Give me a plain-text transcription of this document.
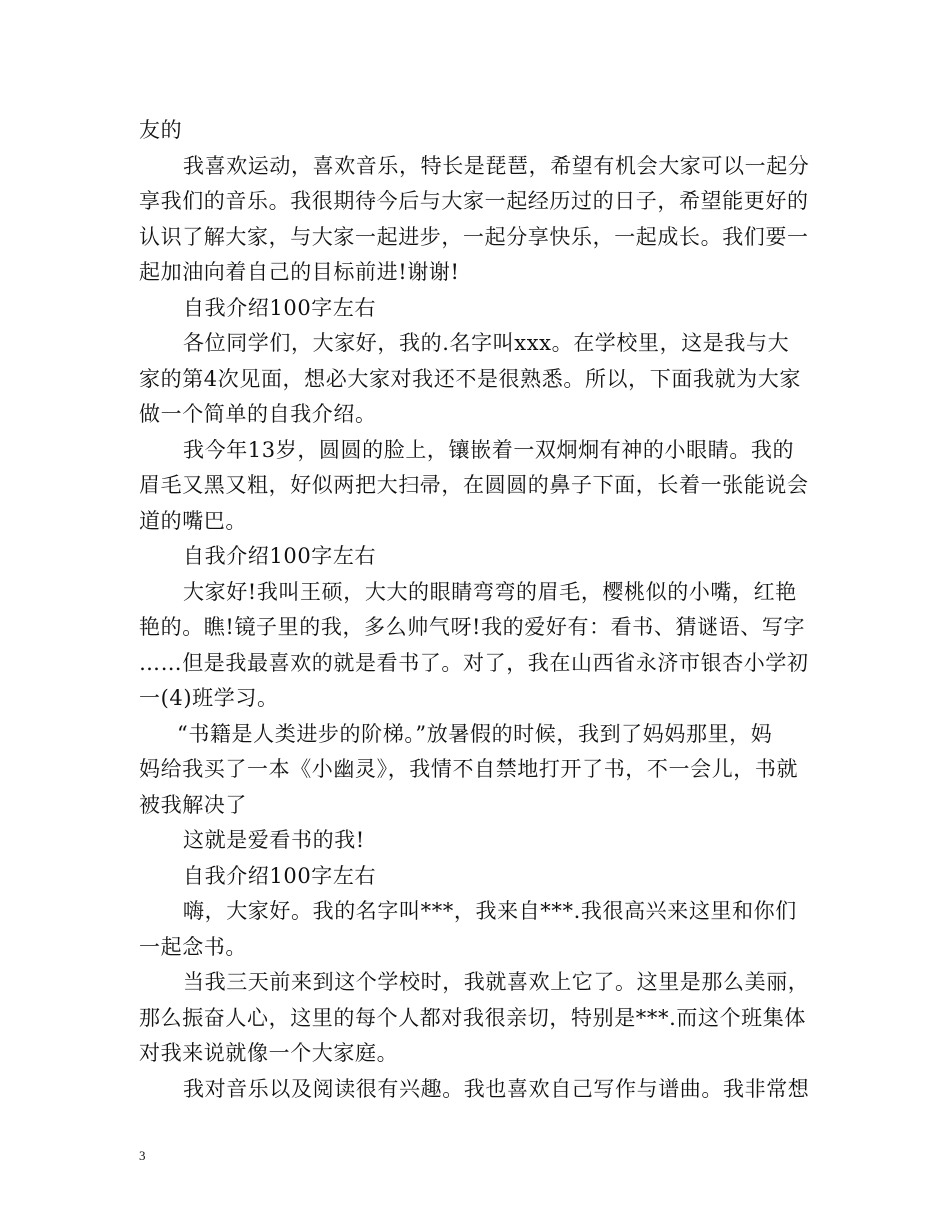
友的
我喜欢运动，喜欢音乐，特长是琵琶，希望有机会大家可以一起分
享我们的音乐。我很期待今后与大家一起经历过的日子，希望能更好的
认识了解大家，与大家一起进步，一起分享快乐，一起成长。我们要一
起加油向着自己的目标前进!谢谢!
自我介绍100字左右
各位同学们，大家好，我的.名字叫xxx。在学校里，这是我与大
家的第4次见面，想必大家对我还不是很熟悉。所以，下面我就为大家
做一个简单的自我介绍。
我今年13岁，圆圆的脸上，镶嵌着一双炯炯有神的小眼睛。我的
眉毛又黑又粗，好似两把大扫帚，在圆圆的鼻子下面，长着一张能说会
道的嘴巴。
自我介绍100字左右
大家好!我叫王硕，大大的眼睛弯弯的眉毛，樱桃似的小嘴，红艳
艳的。瞧!镜子里的我，多么帅气呀!我的爱好有：看书、猜谜语、写字
……但是我最喜欢的就是看书了。对了，我在山西省永济市银杏小学初
一(4)班学习。
“书籍是人类进步的阶梯。”放暑假的时候，我到了妈妈那里，妈
妈给我买了一本《小幽灵》，我情不自禁地打开了书，不一会儿，书就
被我解决了
这就是爱看书的我!
自我介绍100字左右
嗨，大家好。我的名字叫***，我来自***.我很高兴来这里和你们
一起念书。
当我三天前来到这个学校时，我就喜欢上它了。这里是那么美丽，
那么振奋人心，这里的每个人都对我很亲切，特别是***.而这个班集体
对我来说就像一个大家庭。
我对音乐以及阅读很有兴趣。我也喜欢自己写作与谱曲。我非常想
3
